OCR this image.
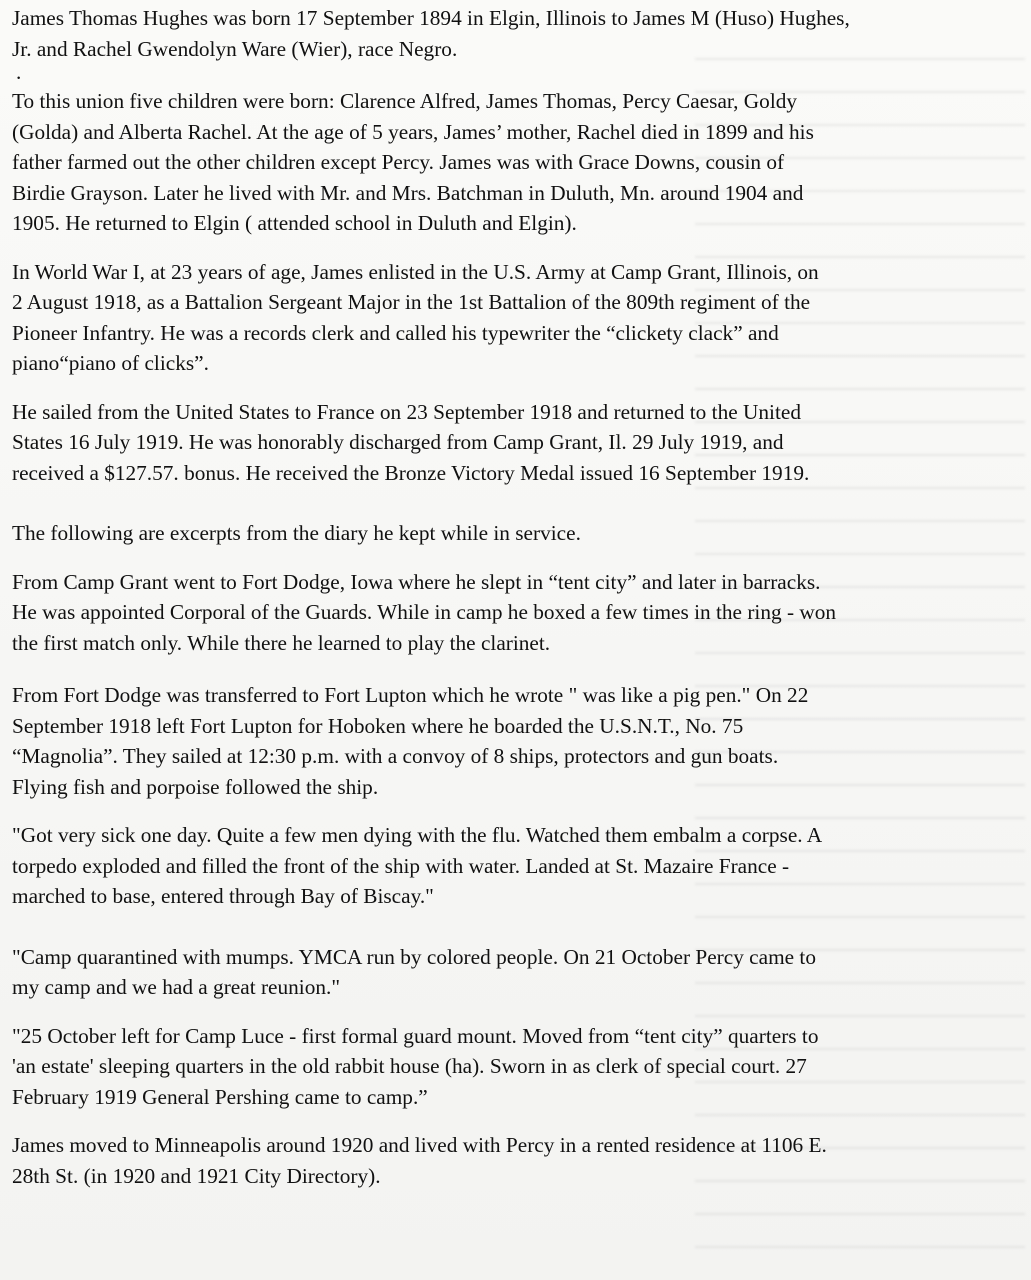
James Thomas Hughes was born 17 September 1894 in Elgin, Illinois to James M (Huso) Hughes,
Jr. and Rachel Gwendolyn Ware (Wier), race Negro.

.

To this union five children were born: Clarence Alfred, James Thomas, Percy Caesar, Goldy
(Golda) and Alberta Rachel. At the age of 5 years, James’ mother, Rachel died in 1899 and his
father farmed out the other children except Percy. James was with Grace Downs, cousin of
Birdie Grayson. Later he lived with Mr. and Mrs. Batchman in Duluth, Mn. around 1904 and
1905. He returned to Elgin ( attended school in Duluth and Elgin).

In World War I, at 23 years of age, James enlisted in the U.S. Army at Camp Grant, Illinois, on
2 August 1918, as a Battalion Sergeant Major in the 1st Battalion of the 809th regiment of the
Pioneer Infantry. He was a records clerk and called his typewriter the “clickety clack” and
piano“piano of clicks”.

He sailed from the United States to France on 23 September 1918 and returned to the United
States 16 July 1919. He was honorably discharged from Camp Grant, Il. 29 July 1919, and
received a $127.57. bonus. He received the Bronze Victory Medal issued 16 September 1919.

The following are excerpts from the diary he kept while in service.

From Camp Grant went to Fort Dodge, Iowa where he slept in “tent city” and later in barracks.
He was appointed Corporal of the Guards. While in camp he boxed a few times in the ring - won
the first match only. While there he learned to play the clarinet.

From Fort Dodge was transferred to Fort Lupton which he wrote " was like a pig pen." On 22
September 1918 left Fort Lupton for Hoboken where he boarded the U.S.N.T., No. 75
“Magnolia”. They sailed at 12:30 p.m. with a convoy of 8 ships, protectors and gun boats.
Flying fish and porpoise followed the ship.

"Got very sick one day. Quite a few men dying with the flu. Watched them embalm a corpse. A
torpedo exploded and filled the front of the ship with water. Landed at St. Mazaire France -
marched to base, entered through Bay of Biscay."

"Camp quarantined with mumps. YMCA run by colored people. On 21 October Percy came to
my camp and we had a great reunion."

"25 October left for Camp Luce - first formal guard mount. Moved from “tent city” quarters to
'an estate' sleeping quarters in the old rabbit house (ha). Sworn in as clerk of special court. 27
February 1919 General Pershing came to camp.”

James moved to Minneapolis around 1920 and lived with Percy in a rented residence at 1106 E.
28th St. (in 1920 and 1921 City Directory).
